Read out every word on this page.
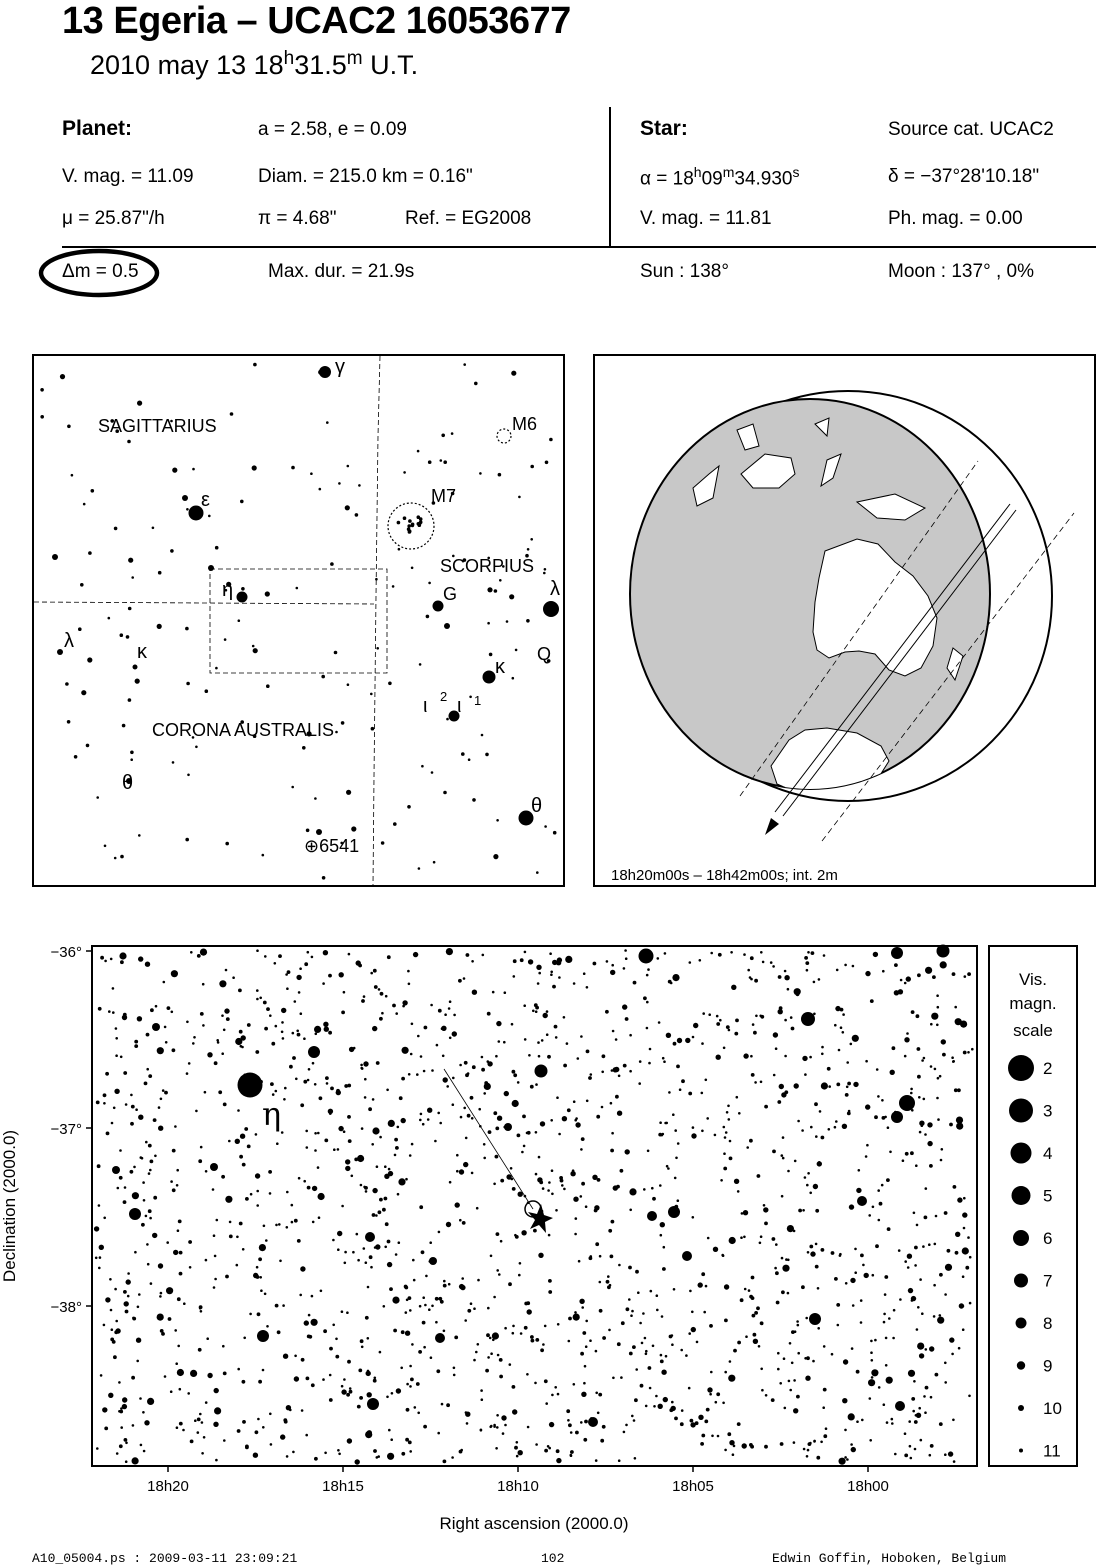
13 Egeria – UCAC2 16053677
2010 may 13 18$^h$31.5$^m$ U.T.
Planet:	a = 2.58, e = 0.09
V. mag. = 11.09	Diam. = 215.0 km = 0.16"
μ = 25.87"/h	π = 4.68"	Ref. = EG2008
Star:	Source cat. UCAC2
$\alpha = 18^h09^m34.930^s$	δ = −37°28'10.18"
V. mag. = 11.81	Ph. mag. = 0.00
Δm = 0.5	Max. dur. = 21.9s	Sun : 138°	Moon : 137° , 0%
SAGITTARIUS
SCORPIUS
CORONA AUSTRALIS
M6
M7
⊕6541
G
Q
γ
ε
η
λ	κ
θ
λ
κ
ι ι
θ
2 1
18h20m00s – 18h42m00s; int. 2m
−36°
−37°
−38°
18h20	18h15	18h10	18h05	18h00
Right ascension (2000.0)
Declination (2000.0)
η
Vis.
magn.
scale
2
3
4
5
6
7
8
9
10
11
A10_05004.ps : 2009-03-11 23:09:21	102	Edwin Goffin, Hoboken, Belgium
